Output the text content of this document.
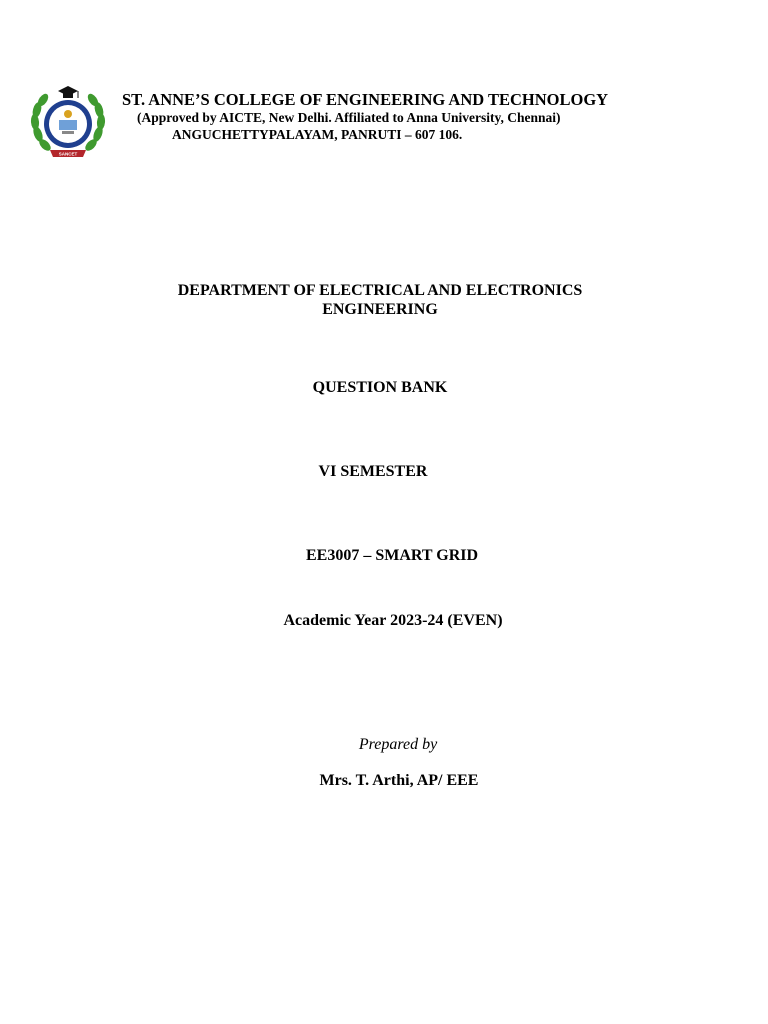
SANCET
ST. ANNE’S COLLEGE OF ENGINEERING AND TECHNOLOGY
(Approved by AICTE, New Delhi. Affiliated to Anna University, Chennai)
ANGUCHETTYPALAYAM, PANRUTI – 607 106.
DEPARTMENT OF ELECTRICAL AND ELECTRONICS
ENGINEERING
QUESTION BANK
VI SEMESTER
EE3007 – SMART GRID
Academic Year 2023-24 (EVEN)
Prepared by
Mrs. T. Arthi, AP/ EEE
